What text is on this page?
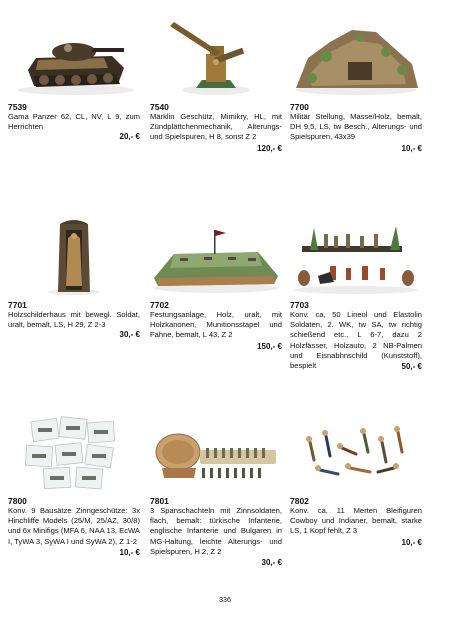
7539
Gama Panzer 62, CL, NV, L 9, zum Herrichten
20,- €
7540
Märklin Geschütz, Mimikry, HL, mit Zündplättchenmechanik, Alterungs- und Spielspuren, H 8, sonst Z 2
120,- €
7700
Militär Stellung, Masse/Holz, bemalt, DH 9,5, LS, tw Besch., Alterungs- und Spielspuren, 43x39
10,- €
7701
Holzschilderhaus mit bewegl. Soldat, uralt, bemalt, LS, H 29, Z 2-3
30,- €
7702
Festungsanlage, Holz, uralt, mit Holzkanonen, Munitionsstapel und Fahne, bemalt, L 43, Z 2
150,- €
7703
Konv. ca, 50 Lineol und Elastolin Soldaten, 2. WK, tw SA, tw richtig schießend etc., L 6-7, dazu 2 Holzfässer, Holzauto, 2 NB-Palmen und Eisnabhnschild (Kunststoff), bespielt	50,- €
7800
Konv. 9 Bausätze Zinngeschütze: 3x Hinchliffe Models (25/M, 25/AZ, 30/8) und 6x Minifigs (MFA 6, NAA 13, EcWA I, TyWA 3, SyWA I und SyWA 2), Z 1-2
10,- €
7801
3 Spanschachteln mit Zinnsoldaten, flach, bemalt: türkische Infanterie, englische Infanterie und Bulgaren in MG-Haltung, leichte Alterungs- und Spielspuren, H 2, Z 2
30,- €
7802
Konv. ca. 11 Merten Bleifiguren Cowboy und Indianer, bemalt, starke LS, 1 Kopf fehlt, Z 3
10,- €
336
